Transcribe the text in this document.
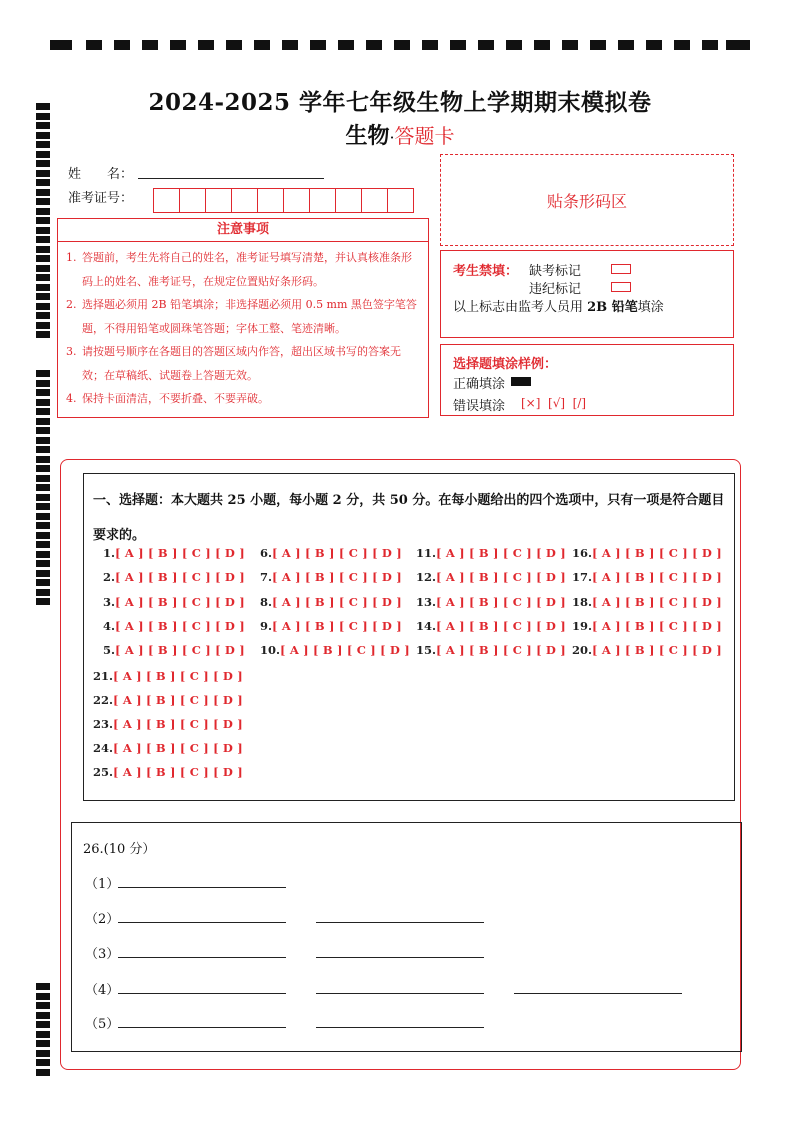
2024-2025 学年七年级生物上学期期末模拟卷
生物·答题卡
姓　　名：
准考证号：
注意事项
1. 答题前，考生先将自己的姓名，准考证号填写清楚，并认真核准条形码上的姓名、准考证号，在规定位置贴好条形码。
2. 选择题必须用 2B 铅笔填涂；非选择题必须用 0.5 mm 黑色签字笔答题，不得用铅笔或圆珠笔答题；字体工整、笔迹清晰。
3. 请按题号顺序在各题目的答题区域内作答，超出区域书写的答案无效；在草稿纸、试题卷上答题无效。
4. 保持卡面清洁，不要折叠、不要弄破。
贴条形码区
考生禁填： 缺考标记
违纪标记
以上标志由监考人员用 2B 铅笔填涂
选择题填涂样例：
正确填涂
错误填涂 [×]  [√]  [/]
一、选择题：本大题共 25 小题，每小题 2 分，共 50 分。在每小题给出的四个选项中，只有一项是符合题目要求的。
1.[ A ] [ B ] [ C ] [ D ]
2.[ A ] [ B ] [ C ] [ D ]
3.[ A ] [ B ] [ C ] [ D ]
4.[ A ] [ B ] [ C ] [ D ]
5.[ A ] [ B ] [ C ] [ D ]
6.[ A ] [ B ] [ C ] [ D ]
7.[ A ] [ B ] [ C ] [ D ]
8.[ A ] [ B ] [ C ] [ D ]
9.[ A ] [ B ] [ C ] [ D ]
10.[ A ] [ B ] [ C ] [ D ]
11.[ A ] [ B ] [ C ] [ D ]
12.[ A ] [ B ] [ C ] [ D ]
13.[ A ] [ B ] [ C ] [ D ]
14.[ A ] [ B ] [ C ] [ D ]
15.[ A ] [ B ] [ C ] [ D ]
16.[ A ] [ B ] [ C ] [ D ]
17.[ A ] [ B ] [ C ] [ D ]
18.[ A ] [ B ] [ C ] [ D ]
19.[ A ] [ B ] [ C ] [ D ]
20.[ A ] [ B ] [ C ] [ D ]
21.[ A ] [ B ] [ C ] [ D ]
22.[ A ] [ B ] [ C ] [ D ]
23.[ A ] [ B ] [ C ] [ D ]
24.[ A ] [ B ] [ C ] [ D ]
25.[ A ] [ B ] [ C ] [ D ]
26.(10 分）
（1）
（2）
（3）
（4）
（5）
